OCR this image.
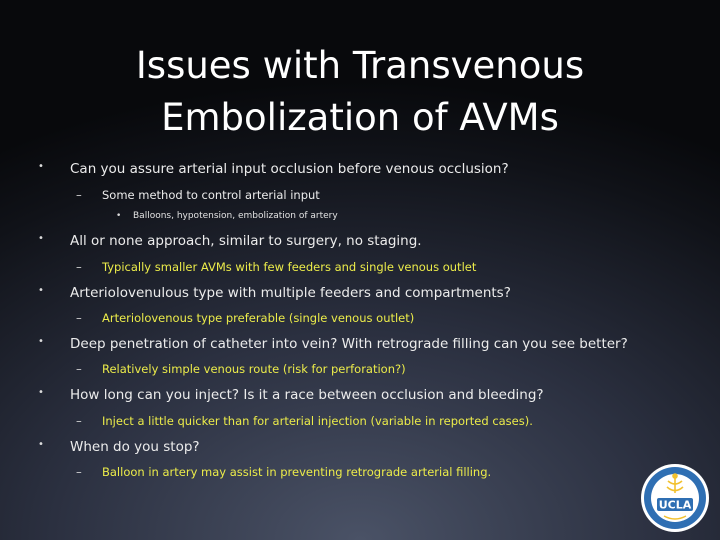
Issues with Transvenous
Embolization of AVMs
• Can you assure arterial input occlusion before venous occlusion?
– Some method to control arterial input
• Balloons, hypotension, embolization of artery
• All or none approach, similar to surgery, no staging.
– Typically smaller AVMs with few feeders and single venous outlet
• Arteriolovenulous type with multiple feeders and compartments?
– Arteriolovenous type preferable (single venous outlet)
• Deep penetration of catheter into vein? With retrograde filling can you see better?
– Relatively simple venous route (risk for perforation?)
• How long can you inject? Is it a race between occlusion and bleeding?
– Inject a little quicker than for arterial injection (variable in reported cases).
• When do you stop?
– Balloon in artery may assist in preventing retrograde arterial filling.
UCLA
